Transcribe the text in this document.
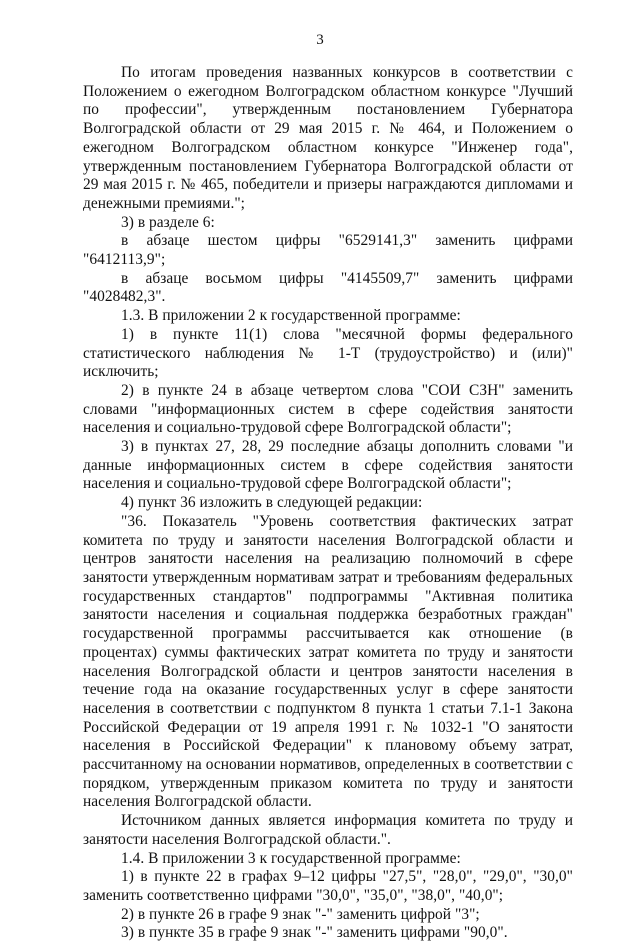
3

По итогам проведения названных конкурсов в соответствии с Положением о ежегодном Волгоградском областном конкурсе "Лучший по профессии", утвержденным постановлением Губернатора Волгоградской области от 29 мая 2015 г. № 464, и Положением о ежегодном Волгоградском областном конкурсе "Инженер года", утвержденным постановлением Губернатора Волгоградской области от 29 мая 2015 г. № 465, победители и призеры награждаются дипломами и денежными премиями.";

3) в разделе 6:

в абзаце шестом цифры "6529141,3" заменить цифрами "6412113,9";

в абзаце восьмом цифры "4145509,7" заменить цифрами "4028482,3".

1.3. В приложении 2 к государственной программе:

1) в пункте 11(1) слова "месячной формы федерального статистического наблюдения № 1-Т (трудоустройство) и (или)" исключить;

2) в пункте 24 в абзаце четвертом слова "СОИ СЗН" заменить словами "информационных систем в сфере содействия занятости населения и социально-трудовой сфере Волгоградской области";

3) в пунктах 27, 28, 29 последние абзацы дополнить словами "и данные информационных систем в сфере содействия занятости населения и социально-трудовой сфере Волгоградской области";

4) пункт 36 изложить в следующей редакции:

"36. Показатель "Уровень соответствия фактических затрат комитета по труду и занятости населения Волгоградской области и центров занятости населения на реализацию полномочий в сфере занятости утвержденным нормативам затрат и требованиям федеральных государственных стандартов" подпрограммы "Активная политика занятости населения и социальная поддержка безработных граждан" государственной программы рассчитывается как отношение (в процентах) суммы фактических затрат комитета по труду и занятости населения Волгоградской области и центров занятости населения в течение года на оказание государственных услуг в сфере занятости населения в соответствии с подпунктом 8 пункта 1 статьи 7.1-1 Закона Российской Федерации от 19 апреля 1991 г. № 1032-1 "О занятости населения в Российской Федерации" к плановому объему затрат, рассчитанному на основании нормативов, определенных в соответствии с порядком, утвержденным приказом комитета по труду и занятости населения Волгоградской области.

Источником данных является информация комитета по труду и занятости населения Волгоградской области.".

1.4. В приложении 3 к государственной программе:

1) в пункте 22 в графах 9–12 цифры "27,5", "28,0", "29,0", "30,0" заменить соответственно цифрами "30,0", "35,0", "38,0", "40,0";

2) в пункте 26 в графе 9 знак "-" заменить цифрой "3";

3) в пункте 35 в графе 9 знак "-" заменить цифрами "90,0".
